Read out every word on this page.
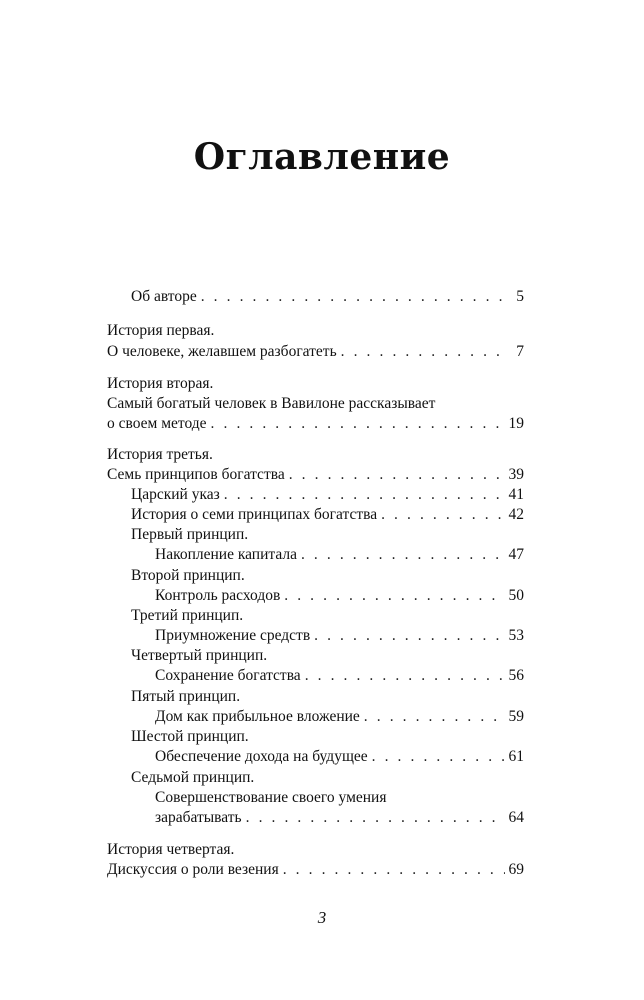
Оглавление
Об авторе . . .	5
История первая.
О человеке, желавшем разбогатеть . . .	7
История вторая.
Самый богатый человек в Вавилоне рассказывает
о своем методе . . .	19
История третья.
Семь принципов богатства . . .	39
Царский указ . . .	41
История о семи принципах богатства . . .	42
Первый принцип.
Накопление капитала . . .	47
Второй принцип.
Контроль расходов . . .	50
Третий принцип.
Приумножение средств . . .	53
Четвертый принцип.
Сохранение богатства . . .	56
Пятый принцип.
Дом как прибыльное вложение . . .	59
Шестой принцип.
Обеспечение дохода на будущее . . .	61
Седьмой принцип.
Совершенствование своего умения
зарабатывать . . .	64
История четвертая.
Дискуссия о роли везения . . .	69
3
